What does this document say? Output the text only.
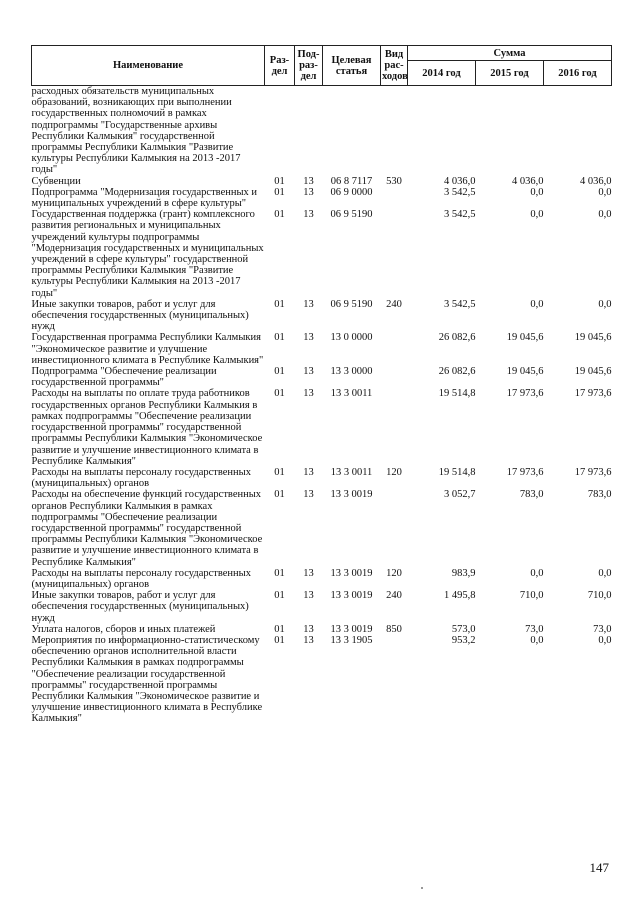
Наименование	Раз- дел	Под- раз- дел	Целевая статья	Вид рас- ходов	Сумма		
					2014 год	2015 год	2016 год
расходных обязательств муниципальных образований, возникающих при выполнении государственных полномочий в рамках подпрограммы "Государственные архивы Республики Калмыкия" государственной программы Республики Калмыкия "Развитие культуры Республики Калмыкия на 2013 -2017 годы"							
Субвенции	01	13	06 8 7117	530	4 036,0	4 036,0	4 036,0
Подпрограмма "Модернизация государственных и муниципальных учреждений в сфере культуры"	01	13	06 9 0000		3 542,5	0,0	0,0
Государственная поддержка (грант) комплексного развития региональных и муниципальных учреждений культуры подпрограммы "Модернизация государственных и муниципальных учреждений в сфере культуры" государственной программы Республики Калмыкия "Развитие культуры Республики Калмыкия на 2013 -2017 годы"	01	13	06 9 5190		3 542,5	0,0	0,0
Иные закупки товаров, работ и услуг для обеспечения государственных (муниципальных) нужд	01	13	06 9 5190	240	3 542,5	0,0	0,0
Государственная программа Республики Калмыкия "Экономическое развитие и улучшение инвестиционного климата в Республике Калмыкия"	01	13	13 0 0000		26 082,6	19 045,6	19 045,6
Подпрограмма "Обеспечение реализации государственной программы"	01	13	13 3 0000		26 082,6	19 045,6	19 045,6
Расходы на выплаты по оплате труда работников государственных органов Республики Калмыкия в рамках подпрограммы "Обеспечение реализации государственной программы" государственной программы Республики Калмыкия "Экономическое развитие и улучшение инвестиционного климата в Республике Калмыкия"	01	13	13 3 0011		19 514,8	17 973,6	17 973,6
Расходы на выплаты персоналу государственных (муниципальных) органов	01	13	13 3 0011	120	19 514,8	17 973,6	17 973,6
Расходы на обеспечение функций государственных органов Республики Калмыкия в рамках подпрограммы "Обеспечение реализации государственной программы" государственной программы Республики Калмыкия "Экономическое развитие и улучшение инвестиционного климата в Республике Калмыкия"	01	13	13 3 0019		3 052,7	783,0	783,0
Расходы на выплаты персоналу государственных (муниципальных) органов	01	13	13 3 0019	120	983,9	0,0	0,0
Иные закупки товаров, работ и услуг для обеспечения государственных (муниципальных) нужд	01	13	13 3 0019	240	1 495,8	710,0	710,0
Уплата налогов, сборов и иных платежей	01	13	13 3 0019	850	573,0	73,0	73,0
Мероприятия по информационно-статистическому обеспечению органов исполнительной власти Республики Калмыкия в рамках подпрограммы "Обеспечение реализации государственной программы" государственной программы Республики Калмыкия "Экономическое развитие и улучшение инвестиционного климата в Республике Калмыкия"	01	13	13 3 1905		953,2	0,0	0,0
147
